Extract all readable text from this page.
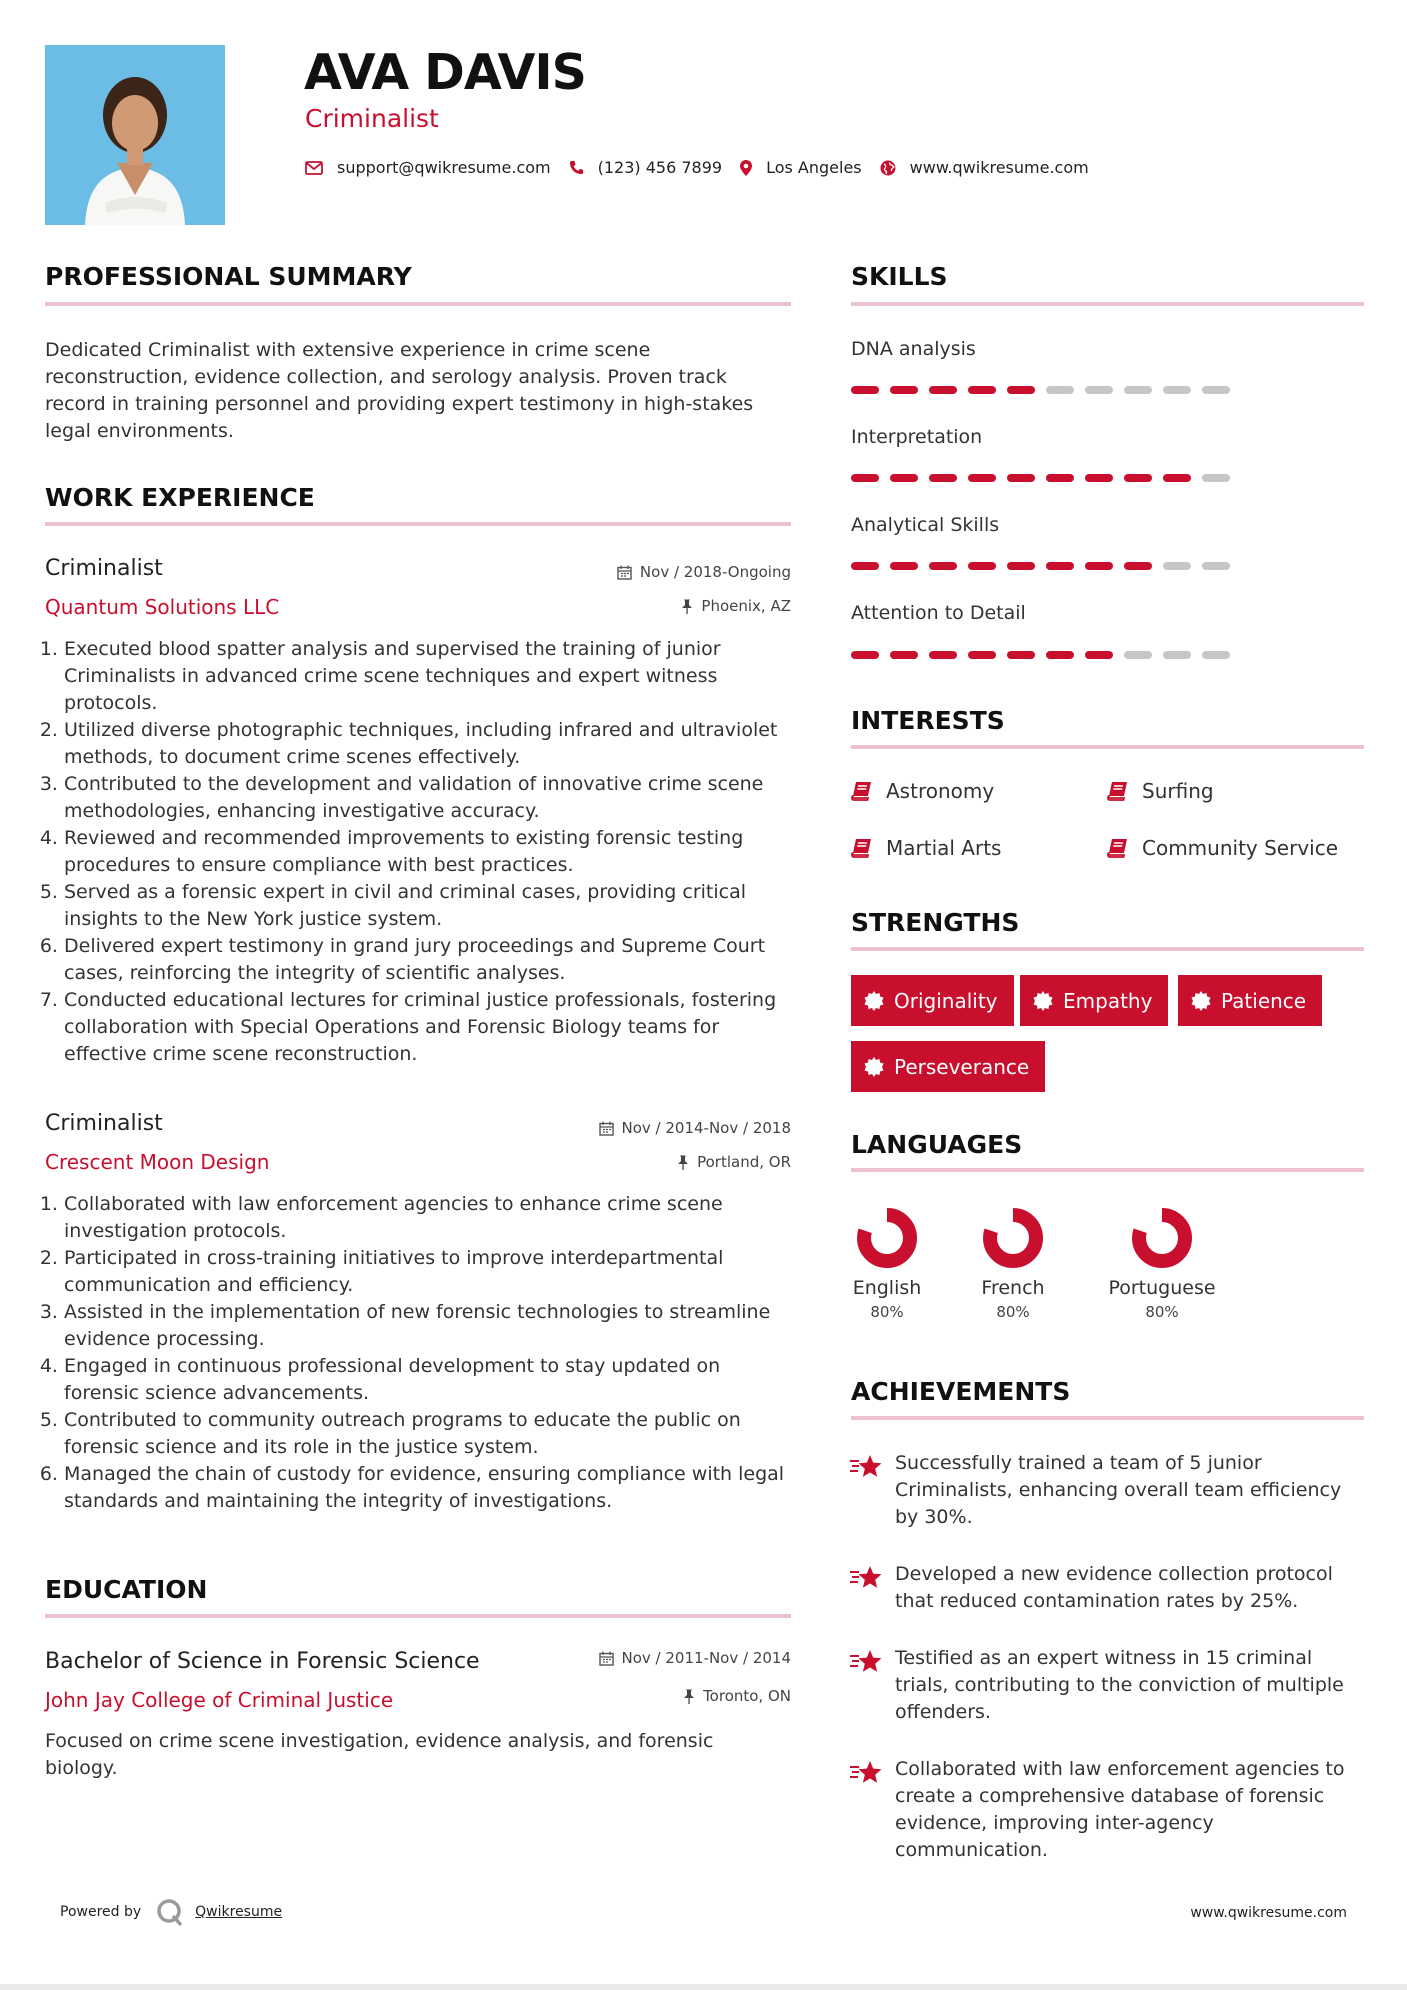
AVA DAVIS
Criminalist
support@qwikresume.com	(123) 456 7899	Los Angeles	www.qwikresume.com
PROFESSIONAL SUMMARY
Dedicated Criminalist with extensive experience in crime scene reconstruction, evidence collection, and serology analysis. Proven track record in training personnel and providing expert testimony in high-stakes legal environments.
WORK EXPERIENCE
Criminalist	Nov / 2018-Ongoing
Quantum Solutions LLC	Phoenix, AZ
1. Executed blood spatter analysis and supervised the training of junior Criminalists in advanced crime scene techniques and expert witness protocols.
2. Utilized diverse photographic techniques, including infrared and ultraviolet methods, to document crime scenes effectively.
3. Contributed to the development and validation of innovative crime scene methodologies, enhancing investigative accuracy.
4. Reviewed and recommended improvements to existing forensic testing procedures to ensure compliance with best practices.
5. Served as a forensic expert in civil and criminal cases, providing critical insights to the New York justice system.
6. Delivered expert testimony in grand jury proceedings and Supreme Court cases, reinforcing the integrity of scientific analyses.
7. Conducted educational lectures for criminal justice professionals, fostering collaboration with Special Operations and Forensic Biology teams for effective crime scene reconstruction.
Criminalist	Nov / 2014-Nov / 2018
Crescent Moon Design	Portland, OR
1. Collaborated with law enforcement agencies to enhance crime scene investigation protocols.
2. Participated in cross-training initiatives to improve interdepartmental communication and efficiency.
3. Assisted in the implementation of new forensic technologies to streamline evidence processing.
4. Engaged in continuous professional development to stay updated on forensic science advancements.
5. Contributed to community outreach programs to educate the public on forensic science and its role in the justice system.
6. Managed the chain of custody for evidence, ensuring compliance with legal standards and maintaining the integrity of investigations.
EDUCATION
Bachelor of Science in Forensic Science	Nov / 2011-Nov / 2014
John Jay College of Criminal Justice	Toronto, ON
Focused on crime scene investigation, evidence analysis, and forensic biology.
SKILLS
DNA analysis
Interpretation
Analytical Skills
Attention to Detail
INTERESTS
Astronomy	Surfing
Martial Arts	Community Service
STRENGTHS
Originality	Empathy	Patience
Perseverance
LANGUAGES
English
80%
French
80%
Portuguese
80%
ACHIEVEMENTS
Successfully trained a team of 5 junior Criminalists, enhancing overall team efficiency by 30%.
Developed a new evidence collection protocol that reduced contamination rates by 25%.
Testified as an expert witness in 15 criminal trials, contributing to the conviction of multiple offenders.
Collaborated with law enforcement agencies to create a comprehensive database of forensic evidence, improving inter-agency communication.
Powered by	Qwikresume	www.qwikresume.com
